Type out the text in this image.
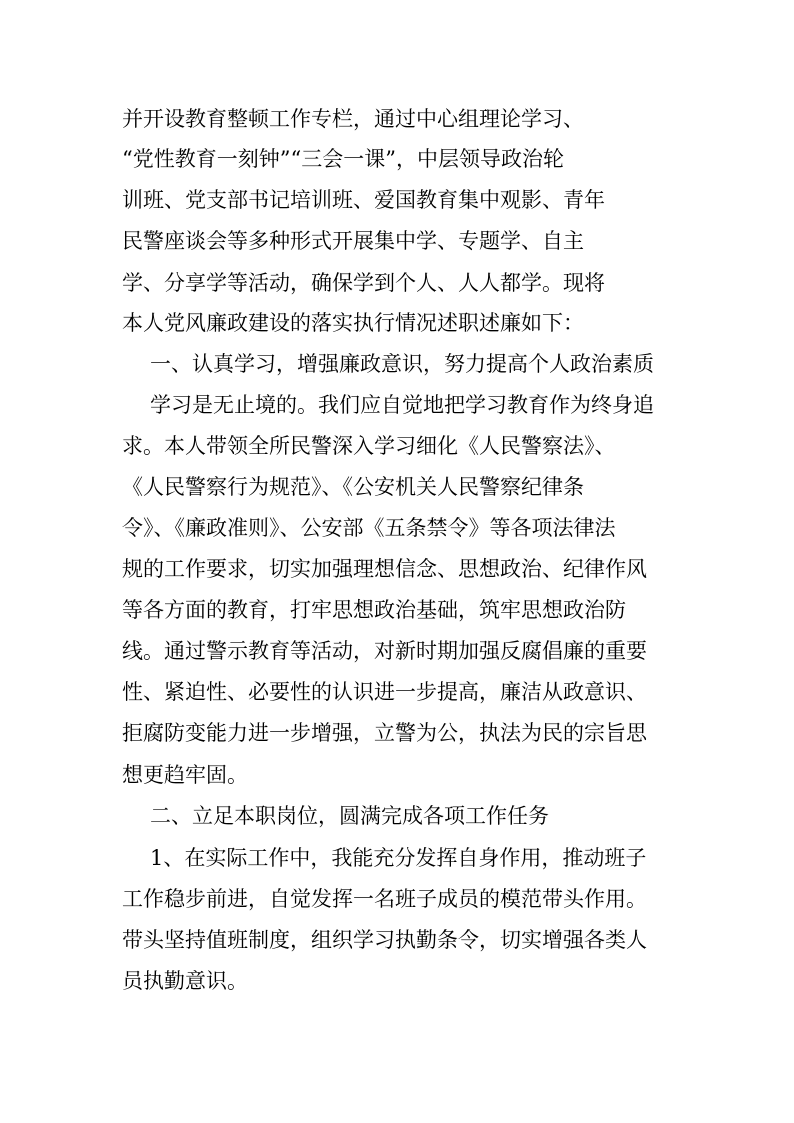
并开设教育整顿工作专栏，通过中心组理论学习、
“党性教育一刻钟”“三会一课”，中层领导政治轮
训班、党支部书记培训班、爱国教育集中观影、青年
民警座谈会等多种形式开展集中学、专题学、自主
学、分享学等活动，确保学到个人、人人都学。现将
本人党风廉政建设的落实执行情况述职述廉如下：
一、认真学习，增强廉政意识，努力提高个人政治素质
学习是无止境的。我们应自觉地把学习教育作为终身追
求。本人带领全所民警深入学习细化《人民警察法》、
《人民警察行为规范》、《公安机关人民警察纪律条
令》、《廉政准则》、公安部《五条禁令》等各项法律法
规的工作要求，切实加强理想信念、思想政治、纪律作风
等各方面的教育，打牢思想政治基础，筑牢思想政治防
线。通过警示教育等活动，对新时期加强反腐倡廉的重要
性、紧迫性、必要性的认识进一步提高，廉洁从政意识、
拒腐防变能力进一步增强，立警为公，执法为民的宗旨思
想更趋牢固。
二、立足本职岗位，圆满完成各项工作任务
1、在实际工作中，我能充分发挥自身作用，推动班子
工作稳步前进，自觉发挥一名班子成员的模范带头作用。
带头坚持值班制度，组织学习执勤条令，切实增强各类人
员执勤意识。
